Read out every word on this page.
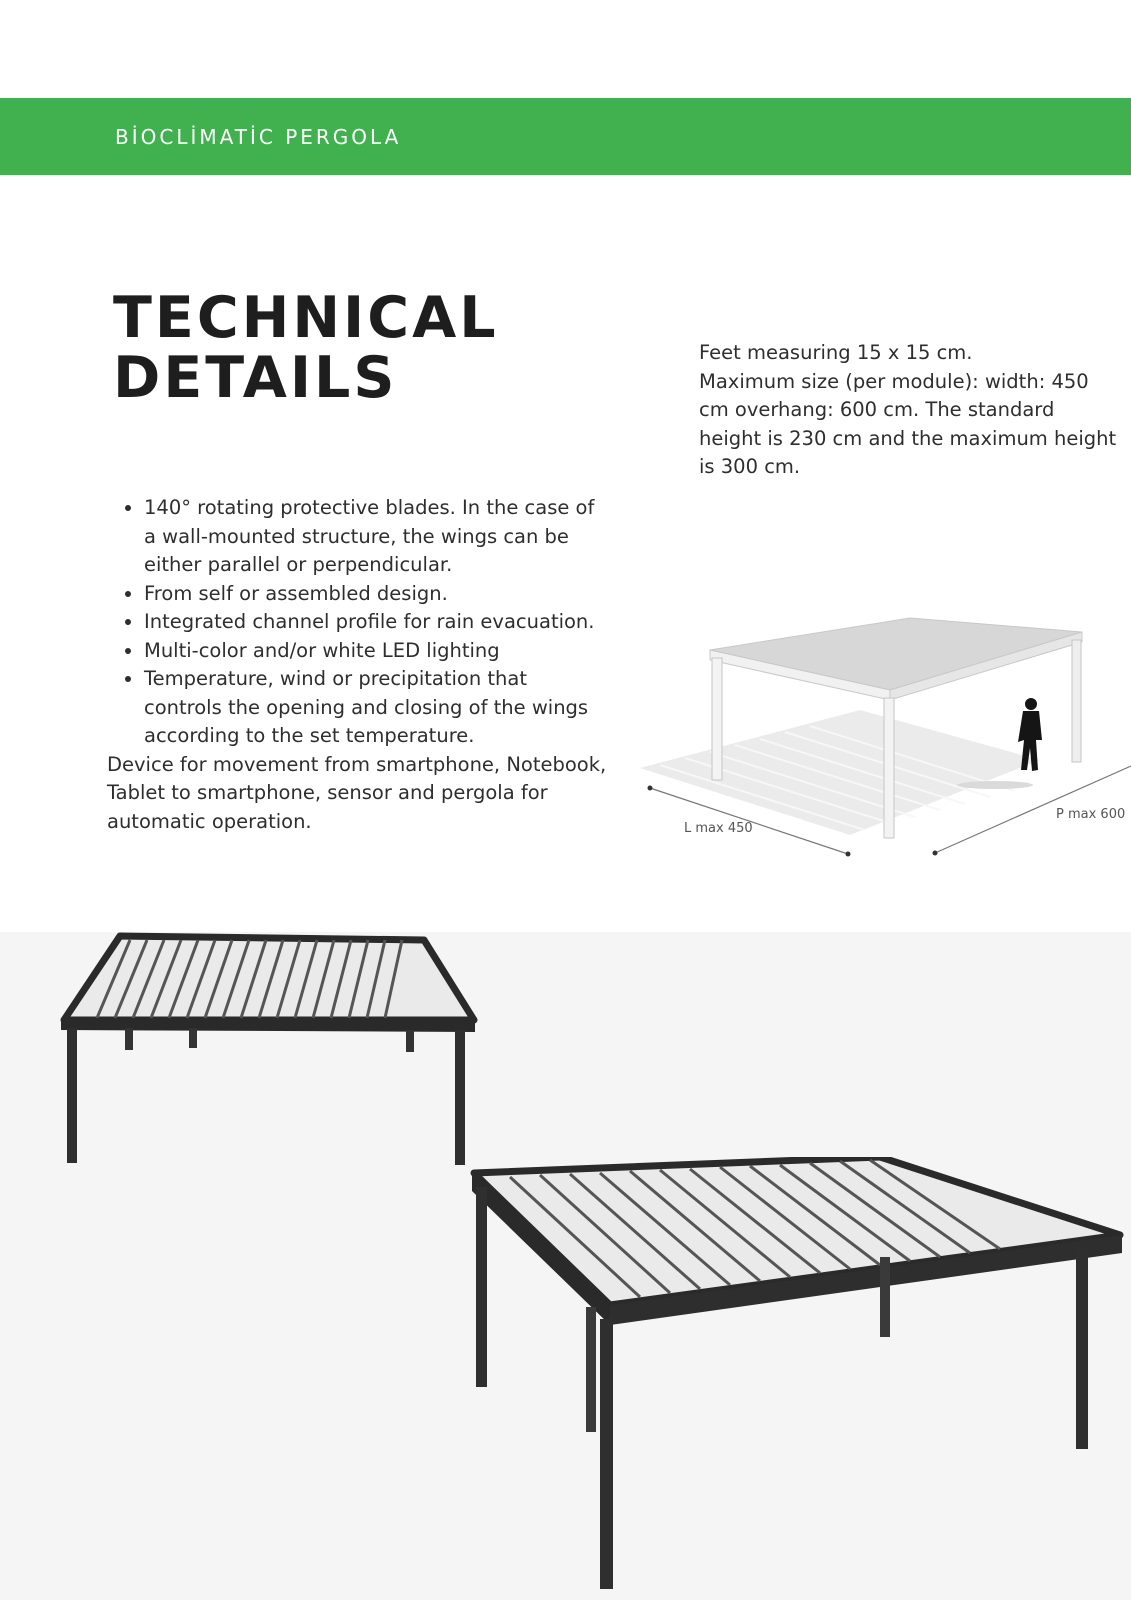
BİOCLİMATİC PERGOLA
TECHNICAL
DETAILS	Feet measuring 15 x 15 cm.

Maximum size (per module): width: 450 cm overhang: 600 cm. The standard height is 230 cm and the maximum height is 300 cm.

• 140° rotating protective blades. In the case of a wall-mounted structure, the wings can be either parallel or perpendicular.
• From self or assembled design.
• Integrated channel profile for rain evacuation.
• Multi-color and/or white LED lighting
• Temperature, wind or precipitation that controls the opening and closing of the wings according to the set temperature.

Device for movement from smartphone, Notebook, Tablet to smartphone, sensor and pergola for automatic operation.	L max 450
P max 600
